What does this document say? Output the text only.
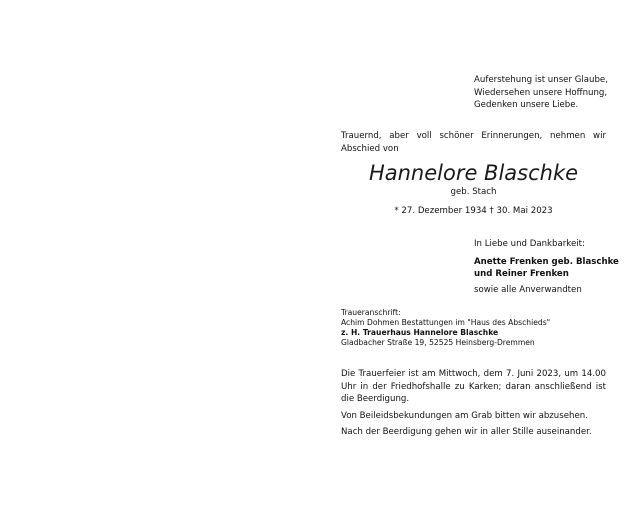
Auferstehung ist unser Glaube,
Wiedersehen unsere Hoffnung,
Gedenken unsere Liebe.
Trauernd, aber voll schöner Erinnerungen, nehmen wir Abschied von
Hannelore Blaschke
geb. Stach
* 27. Dezember 1934 † 30. Mai 2023
In Liebe und Dankbarkeit:
Anette Frenken geb. Blaschke
und Reiner Frenken
sowie alle Anverwandten
Traueranschrift:
Achim Dohmen Bestattungen im "Haus des Abschieds"
z. H. Trauerhaus Hannelore Blaschke
Gladbacher Straße 19, 52525 Heinsberg-Dremmen

Die Trauerfeier ist am Mittwoch, dem 7. Juni 2023, um 14.00 Uhr in der Friedhofshalle zu Karken; daran anschließend ist die Beerdigung.

Von Beileidsbekundungen am Grab bitten wir abzusehen.

Nach der Beerdigung gehen wir in aller Stille auseinander.
